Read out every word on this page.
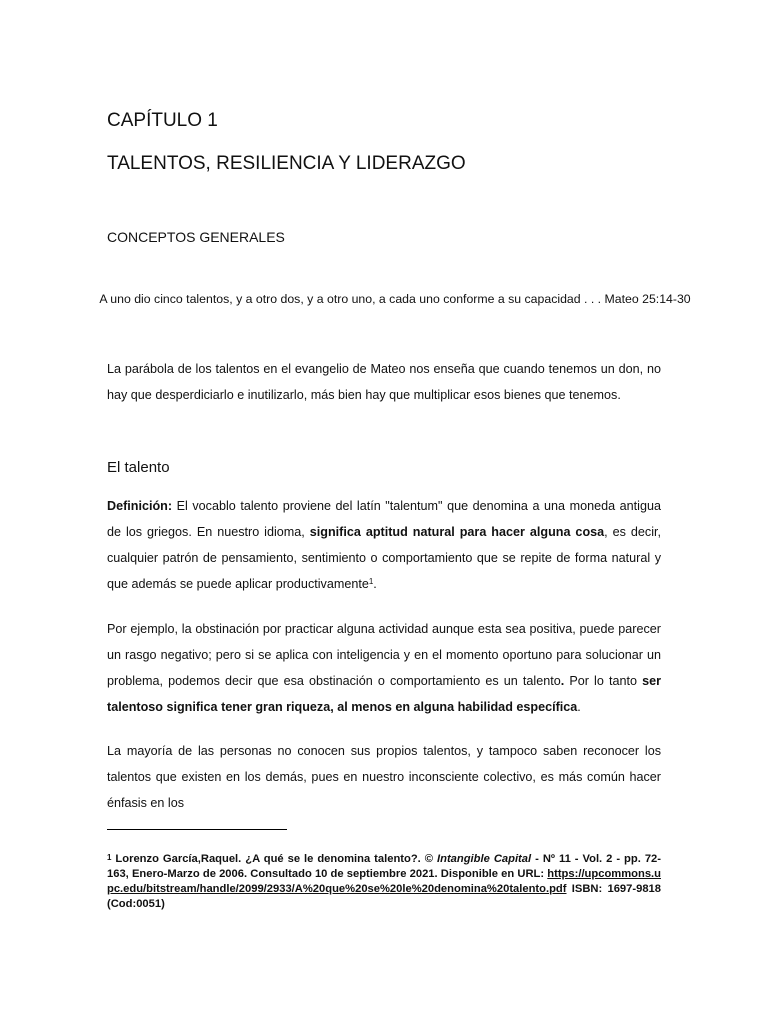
CAPÍTULO 1
TALENTOS, RESILIENCIA Y LIDERAZGO
CONCEPTOS GENERALES
A uno dio cinco talentos, y a otro dos, y a otro uno, a cada uno conforme a su capacidad . . . Mateo 25:14-30

La parábola de los talentos en el evangelio de Mateo nos enseña que cuando tenemos un don, no hay que desperdiciarlo e inutilizarlo, más bien hay que multiplicar esos bienes que tenemos.

El talento

Definición: El vocablo talento proviene del latín "talentum" que denomina a una moneda antigua de los griegos. En nuestro idioma, significa aptitud natural para hacer alguna cosa, es decir, cualquier patrón de pensamiento, sentimiento o comportamiento que se repite de forma natural y que además se puede aplicar productivamente$^1$.

Por ejemplo, la obstinación por practicar alguna actividad aunque esta sea positiva, puede parecer un rasgo negativo; pero si se aplica con inteligencia y en el momento oportuno para solucionar un problema, podemos decir que esa obstinación o comportamiento es un talento. Por lo tanto ser talentoso significa tener gran riqueza, al menos en alguna habilidad específica.

La mayoría de las personas no conocen sus propios talentos, y tampoco saben reconocer los talentos que existen en los demás, pues en nuestro inconsciente colectivo, es más común hacer énfasis en los

$^1$ Lorenzo García,Raquel. ¿A qué se le denomina talento?. © Intangible Capital - Nº 11 - Vol. 2 - pp. 72-163, Enero-Marzo de 2006. Consultado 10 de septiembre 2021. Disponible en URL: https://upcommons.upc.edu/bitstream/handle/2099/2933/A%20que%20se%20le%20denomina%20talento.pdf ISBN: 1697-9818 (Cod:0051)
